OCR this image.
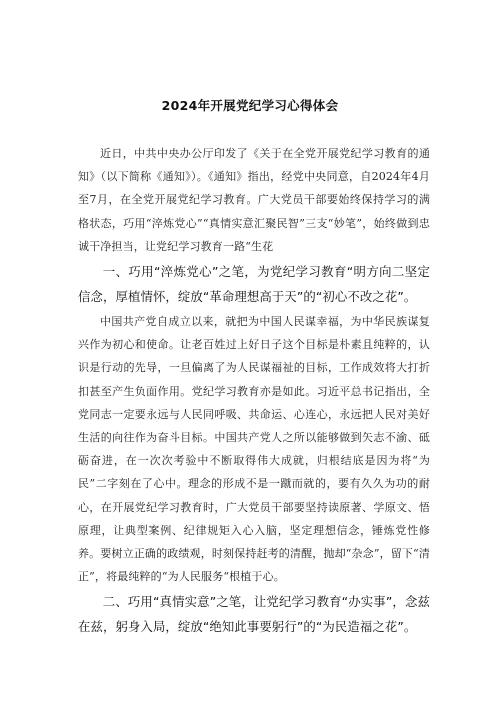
2024年开展党纪学习心得体会

近日，中共中央办公厅印发了《关于在全党开展党纪学习教育的通知》（以下简称《通知》）。《通知》指出，经党中央同意，自2024年4月至7月，在全党开展党纪学习教育。广大党员干部要始终保持学习的满格状态，巧用“淬炼党心”“真情实意汇聚民智”三支“妙笔”，始终做到忠诚干净担当，让党纪学习教育一路“生花

一、巧用“淬炼党心”之笔，为党纪学习教育“明方向二坚定信念，厚植情怀，绽放“革命理想高于天”的“初心不改之花”。

中国共产党自成立以来，就把为中国人民谋幸福，为中华民族谋复兴作为初心和使命。让老百姓过上好日子这个目标是朴素且纯粹的，认识是行动的先导，一旦偏离了为人民谋福祉的目标，工作成效将大打折扣甚至产生负面作用。党纪学习教育亦是如此。习近平总书记指出，全党同志一定要永远与人民同呼吸、共命运、心连心，永远把人民对美好生活的向往作为奋斗目标。中国共产党人之所以能够做到矢志不渝、砥砺奋进，在一次次考验中不断取得伟大成就，归根结底是因为将“为民”二字刻在了心中。理念的形成不是一蹴而就的，要有久久为功的耐心，在开展党纪学习教育时，广大党员干部要坚持读原著、学原文、悟原理，让典型案例、纪律规矩入心入脑，坚定理想信念，锤炼党性修养。要树立正确的政绩观，时刻保持赶考的清醒，抛却“杂念”，留下“清正”，将最纯粹的“为人民服务“根植于心。

二、巧用“真情实意”之笔，让党纪学习教育“办实事”，念兹在兹，躬身入局，绽放“绝知此事要躬行”的“为民造福之花”。
